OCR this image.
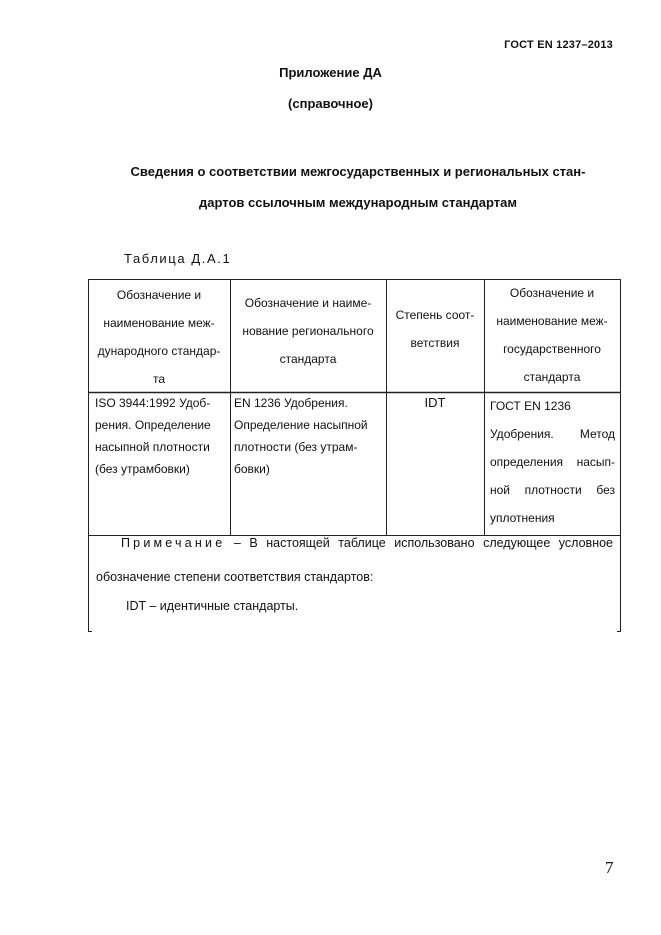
ГОСТ EN 1237–2013
Приложение ДА
(справочное)
Сведения о соответствии межгосударственных и региональных стан-
дартов ссылочным международным стандартам
Таблица Д.А.1
Обозначение и
наименование меж-
дународного стандар-
та
Обозначение и наиме-
нование регионального
стандарта
Степень соот-
ветствия
Обозначение и
наименование меж-
государственного
стандарта
ISO 3944:1992 Удоб-
рения. Определение
насыпной плотности
(без утрамбовки)
EN 1236 Удобрения.
Определение насыпной
плотности (без утрам-
бовки)
IDT	ГОСТ EN 1236
Удобрения. Метод
определения насып-
ной плотности без
уплотнения
Примечание – В настоящей таблице использовано следующее условное
обозначение степени соответствия стандартов:
IDT – идентичные стандарты.
7
